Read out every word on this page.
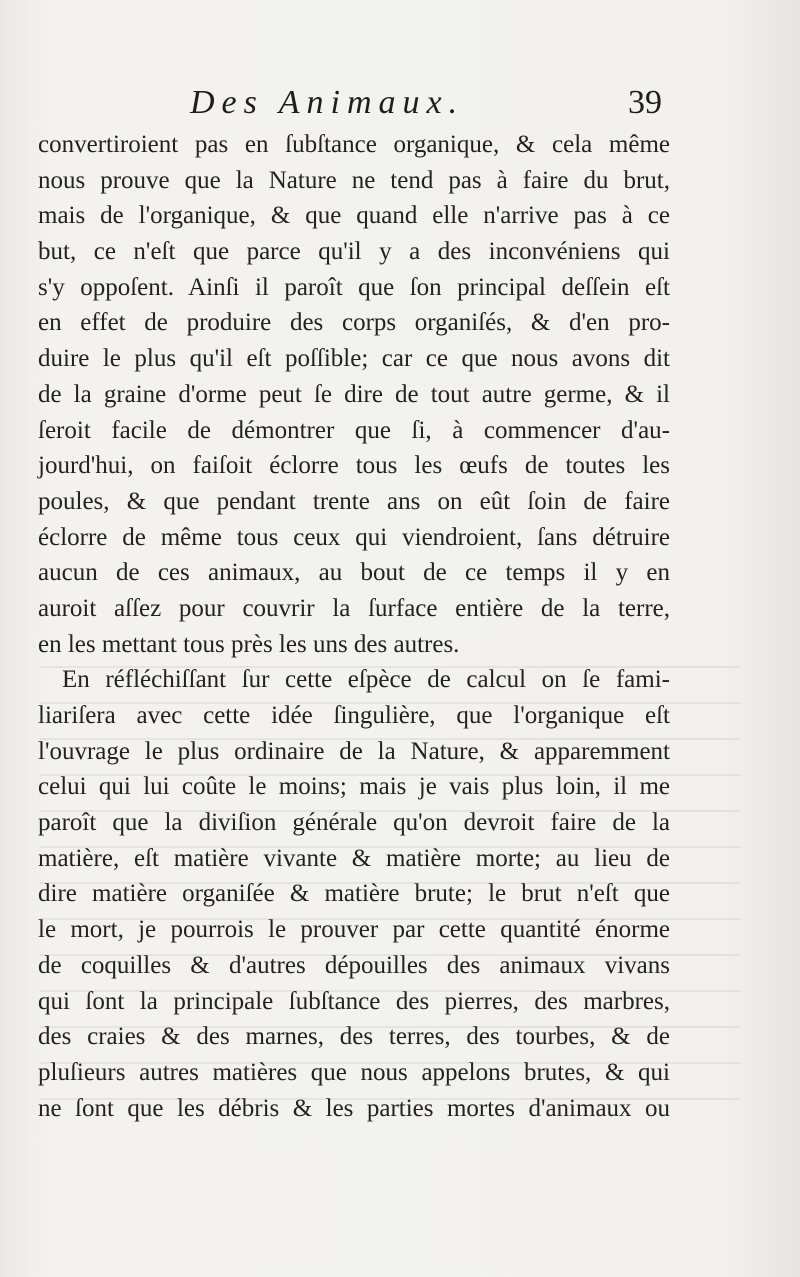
Des Animaux.	39
convertiroient pas en ſubſtance organique, & cela même
nous prouve que la Nature ne tend pas à faire du brut,
mais de l'organique, & que quand elle n'arrive pas à ce
but, ce n'eſt que parce qu'il y a des inconvéniens qui
s'y oppoſent. Ainſi il paroît que ſon principal deſſein eſt
en effet de produire des corps organiſés, & d'en pro-
duire le plus qu'il eſt poſſible; car ce que nous avons dit
de la graine d'orme peut ſe dire de tout autre germe, & il
ſeroit facile de démontrer que ſi, à commencer d'au-
jourd'hui, on faiſoit éclorre tous les œufs de toutes les
poules, & que pendant trente ans on eût ſoin de faire
éclorre de même tous ceux qui viendroient, ſans détruire
aucun de ces animaux, au bout de ce temps il y en
auroit aſſez pour couvrir la ſurface entière de la terre,
en les mettant tous près les uns des autres.
En réfléchiſſant ſur cette eſpèce de calcul on ſe fami-
liariſera avec cette idée ſingulière, que l'organique eſt
l'ouvrage le plus ordinaire de la Nature, & apparemment
celui qui lui coûte le moins; mais je vais plus loin, il me
paroît que la diviſion générale qu'on devroit faire de la
matière, eſt matière vivante & matière morte; au lieu de
dire matière organiſée & matière brute; le brut n'eſt que
le mort, je pourrois le prouver par cette quantité énorme
de coquilles & d'autres dépouilles des animaux vivans
qui ſont la principale ſubſtance des pierres, des marbres,
des craies & des marnes, des terres, des tourbes, & de
pluſieurs autres matières que nous appelons brutes, & qui
ne ſont que les débris & les parties mortes d'animaux ou
